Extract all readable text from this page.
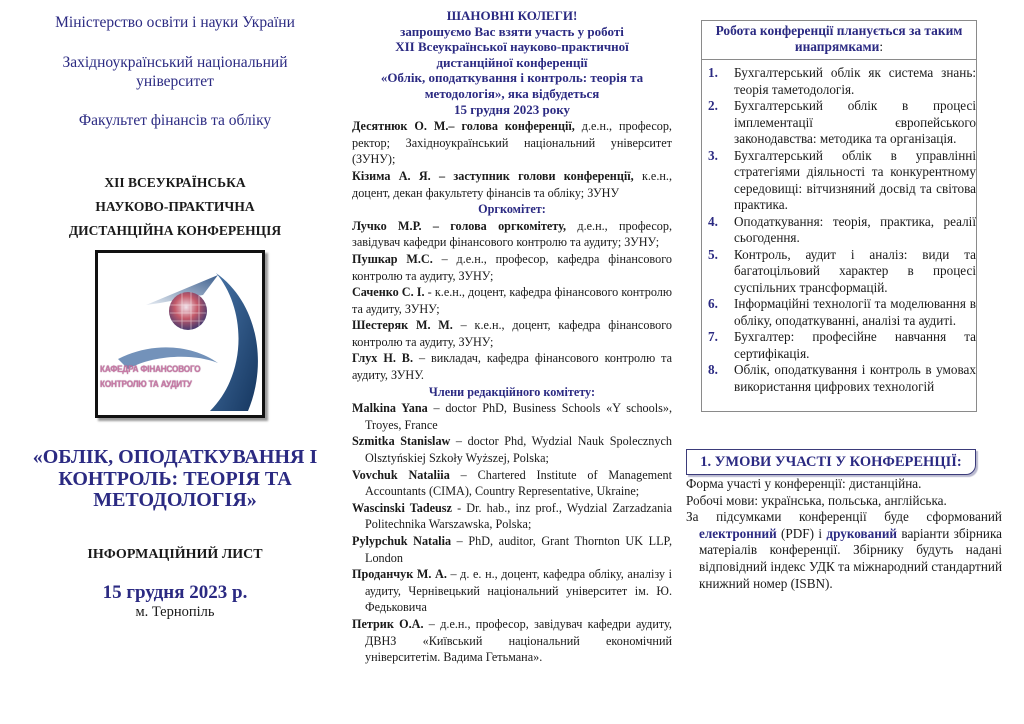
Міністерство освіти і науки України
Західноукраїнський національний університет
Факультет фінансів та обліку
XII ВСЕУКРАЇНСЬКА
НАУКОВО-ПРАКТИЧНА
ДИСТАНЦІЙНА КОНФЕРЕНЦІЯ
КАФЕДРА ФІНАНСОВОГО
КОНТРОЛЮ ТА АУДИТУ
«ОБЛІК, ОПОДАТКУВАННЯ І КОНТРОЛЬ: ТЕОРІЯ ТА МЕТОДОЛОГІЯ»
ІНФОРМАЦІЙНИЙ ЛИСТ
15 грудня 2023 р.
м. Тернопіль
ШАНОВНІ КОЛЕГИ!
запрошуємо Вас взяти участь у роботі
XII Всеукраїнської науково-практичної
дистанційної конференції
«Облік, оподаткування і контроль: теорія та методологія», яка відбудеться
15 грудня 2023 року

Десятнюк О. М.– голова конференції, д.е.н., професор, ректор; Західноукраїнський національний університет (ЗУНУ);

Кізима А. Я. – заступник голови конференції, к.е.н., доцент, декан факультету фінансів та обліку; ЗУНУ

Оргкомітет:

Лучко М.Р. – голова оргкомітету, д.е.н., професор, завідувач кафедри фінансового контролю та аудиту; ЗУНУ;

Пушкар М.С. – д.е.н., професор, кафедра фінансового контролю та аудиту, ЗУНУ;

Саченко С. І. - к.е.н., доцент, кафедра фінансового контролю та аудиту, ЗУНУ;

Шестеряк М. М. – к.е.н., доцент, кафедра фінансового контролю та аудиту, ЗУНУ;

Глух Н. В. – викладач, кафедра фінансового контролю та аудиту, ЗУНУ.

Члени редакційного комітету:

Malkina Yana – doctor PhD, Business Schools «Y schools», Troyes, France

Szmitka Stanislaw – doctor Phd, Wydzial Nauk Spolecznych Olsztyńskiej Szkoły Wyższej, Polska;

Vovchuk Nataliia – Chartered Institute of Management Accountants (CIMA), Country Representative, Ukraine;

Wascinski Tadeusz - Dr. hab., inz prof., Wydzial Zarzadzania Politechnika Warszawska, Polska;

Pylypchuk Natalia – PhD, auditor, Grant Thornton UK LLP, London

Проданчук М. А. – д. е. н., доцент, кафедра обліку, аналізу і аудиту, Чернівецький національний університет ім. Ю. Федьковича

Петрик О.А. – д.е.н., професор, завідувач кафедри аудиту, ДВНЗ «Київський національний економічний університетім. Вадима Гетьмана».

Робота конференції планується за таким инапрямками:
1. Бухгалтерський облік як система знань: теорія таметодологія.
2. Бухгалтерський облік в процесі імплементації європейського законодавства: методика та організація.
3. Бухгалтерський облік в управлінні стратегіями діяльності та конкурентному середовищі: вітчизняний досвід та світова практика.
4. Оподаткування: теорія, практика, реалії сьогодення.
5. Контроль, аудит і аналіз: види та багатоцільовий характер в процесі суспільних трансформацій.
6. Інформаційні технології та моделювання в обліку, оподаткуванні, аналізі та аудиті.
7. Бухгалтер: професійне навчання та сертифікація.
8. Облік, оподаткування і контроль в умовах використання цифрових технологій
1. УМОВИ УЧАСТІ У КОНФЕРЕНЦІЇ:

Форма участі у конференції: дистанційна.

Робочі мови: українська, польська, англійська.

За підсумками конференції буде сформований електронний (PDF) і друкований варіанти збірника матеріалів конференції. Збірнику будуть надані відповідний індекс УДК та міжнародний стандартний книжний номер (ISBN).
